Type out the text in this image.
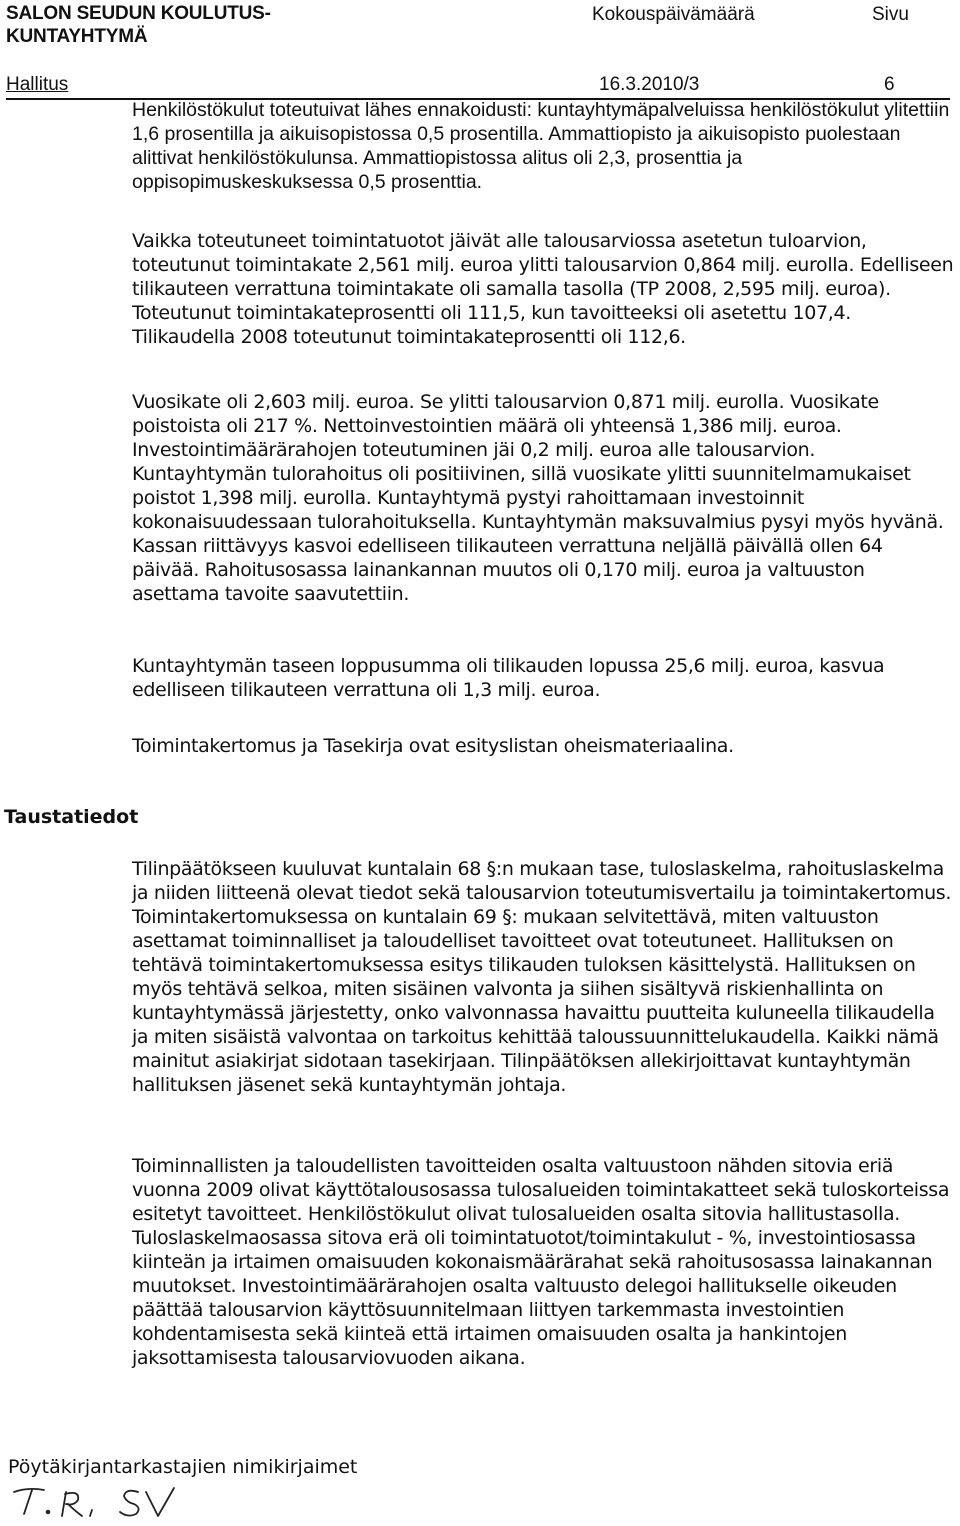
SALON SEUDUN KOULUTUS-
KUNTAYHTYMÄ
Kokouspäivämäärä	Sivu
Hallitus	16.3.2010/3	6

Henkilöstökulut toteutuivat lähes ennakoidusti: kuntayhtymäpalveluissa henkilöstökulut ylitettiin 1,6 prosentilla ja aikuisopistossa 0,5 prosentilla. Ammattiopisto ja aikuisopisto puolestaan alittivat henkilöstökulunsa. Ammattiopistossa alitus oli 2,3, prosenttia ja oppisopimuskeskuksessa 0,5 prosenttia.

Vaikka toteutuneet toimintatuotot jäivät alle talousarviossa asetetun tuloarvion, toteutunut toimintakate 2,561 milj. euroa ylitti talousarvion 0,864 milj. eurolla. Edelliseen tilikauteen verrattuna toimintakate oli samalla tasolla (TP 2008, 2,595 milj. euroa). Toteutunut toimintakateprosentti oli 111,5, kun tavoitteeksi oli asetettu 107,4. Tilikaudella 2008 toteutunut toimintakateprosentti oli 112,6.

Vuosikate oli 2,603 milj. euroa. Se ylitti talousarvion 0,871 milj. eurolla. Vuosikate poistoista oli 217 %. Nettoinvestointien määrä oli yhteensä 1,386 milj. euroa. Investointimäärärahojen toteutuminen jäi 0,2 milj. euroa alle talousarvion. Kuntayhtymän tulorahoitus oli positiivinen, sillä vuosikate ylitti suunnitelmamukaiset poistot 1,398 milj. eurolla. Kuntayhtymä pystyi rahoittamaan investoinnit kokonaisuudessaan tulorahoituksella. Kuntayhtymän maksuvalmius pysyi myös hyvänä. Kassan riittävyys kasvoi edelliseen tilikauteen verrattuna neljällä päivällä ollen 64 päivää. Rahoitusosassa lainankannan muutos oli 0,170 milj. euroa ja valtuuston asettama tavoite saavutettiin.

Kuntayhtymän taseen loppusumma oli tilikauden lopussa 25,6 milj. euroa, kasvua edelliseen tilikauteen verrattuna oli 1,3 milj. euroa.

Toimintakertomus ja Tasekirja ovat esityslistan oheismateriaalina.

Taustatiedot

Tilinpäätökseen kuuluvat kuntalain 68 §:n mukaan tase, tuloslaskelma, rahoituslaskelma ja niiden liitteenä olevat tiedot sekä talousarvion toteutumisvertailu ja toimintakertomus. Toimintakertomuksessa on kuntalain 69 §: mukaan selvitettävä, miten valtuuston asettamat toiminnalliset ja taloudelliset tavoitteet ovat toteutuneet. Hallituksen on tehtävä toimintakertomuksessa esitys tilikauden tuloksen käsittelystä. Hallituksen on myös tehtävä selkoa, miten sisäinen valvonta ja siihen sisältyvä riskienhallinta on kuntayhtymässä järjestetty, onko valvonnassa havaittu puutteita kuluneella tilikaudella ja miten sisäistä valvontaa on tarkoitus kehittää taloussuunnittelukaudella. Kaikki nämä mainitut asiakirjat sidotaan tasekirjaan. Tilinpäätöksen allekirjoittavat kuntayhtymän hallituksen jäsenet sekä kuntayhtymän johtaja.

Toiminnallisten ja taloudellisten tavoitteiden osalta valtuustoon nähden sitovia eriä vuonna 2009 olivat käyttötalousosassa tulosalueiden toimintakatteet sekä tuloskorteissa esitetyt tavoitteet. Henkilöstökulut olivat tulosalueiden osalta sitovia hallitustasolla. Tuloslaskelmaosassa sitova erä oli toimintatuotot/toimintakulut - %, investointiosassa kiinteän ja irtaimen omaisuuden kokonaismäärärahat sekä rahoitusosassa lainakannan muutokset. Investointimäärärahojen osalta valtuusto delegoi hallitukselle oikeuden päättää talousarvion käyttösuunnitelmaan liittyen tarkemmasta investointien kohdentamisesta sekä kiinteä että irtaimen omaisuuden osalta ja hankintojen jaksottamisesta talousarviovuoden aikana.

Pöytäkirjantarkastajien nimikirjaimet
